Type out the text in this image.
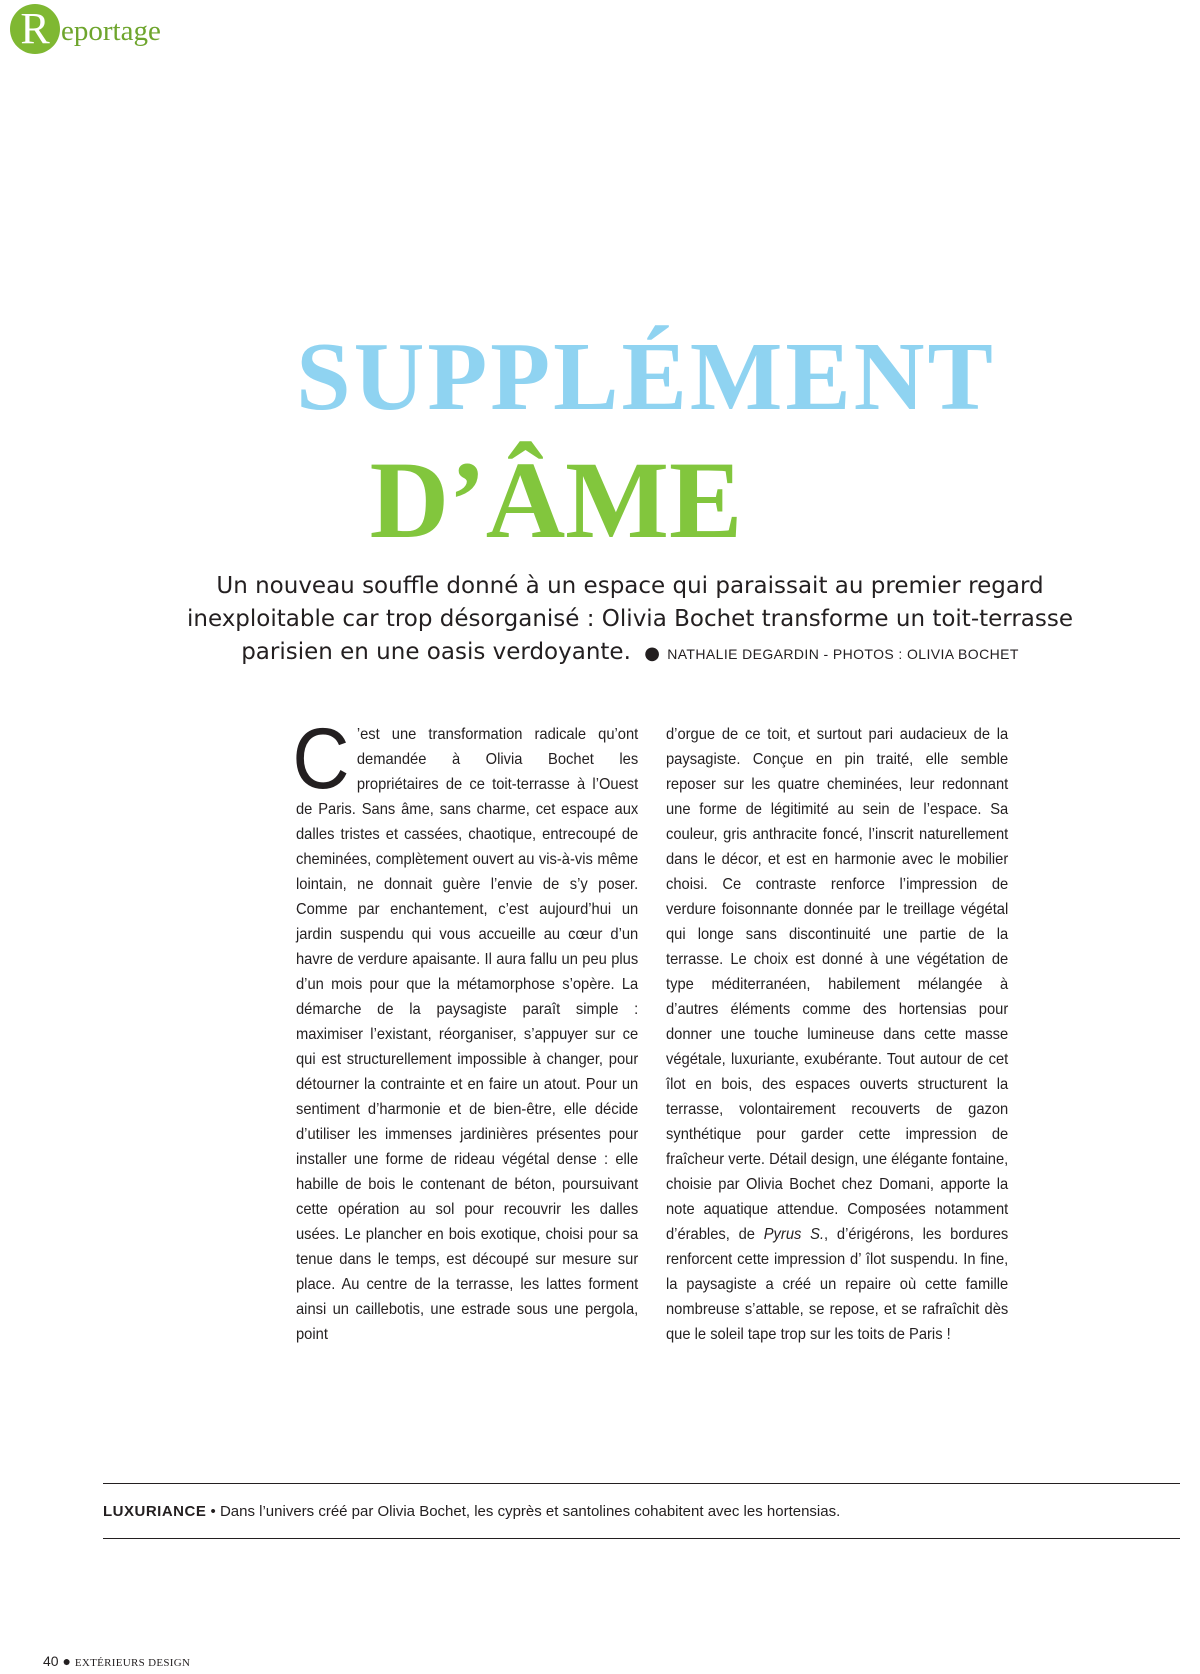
R eportage
SUPPLÉMENT
D’ÂME
Un nouveau souffle donné à un espace qui paraissait au premier regard inexploitable car trop désorganisé : Olivia Bochet transforme un toit-terrasse parisien en une oasis verdoyante. ● NATHALIE DEGARDIN - PHOTOS : OLIVIA BOCHET

C ’est une transformation radicale qu’ont demandée à Olivia Bochet les propriétaires de ce toit-terrasse à l’Ouest de Paris. Sans âme, sans charme, cet espace aux dalles tristes et cassées, chaotique, entrecoupé de cheminées, complètement ouvert au vis-à-vis même lointain, ne donnait guère l’envie de s’y poser. Comme par enchantement, c’est aujourd’hui un jardin suspendu qui vous accueille au cœur d’un havre de verdure apaisante. Il aura fallu un peu plus d’un mois pour que la métamorphose s’opère. La démarche de la paysagiste paraît simple : maximiser l’existant, réorganiser, s’appuyer sur ce qui est structurellement impossible à changer, pour détourner la contrainte et en faire un atout. Pour un sentiment d’harmonie et de bien-être, elle décide d’utiliser les immenses jardinières présentes pour installer une forme de rideau végétal dense : elle habille de bois le contenant de béton, poursuivant cette opération au sol pour recouvrir les dalles usées. Le plancher en bois exotique, choisi pour sa tenue dans le temps, est découpé sur mesure sur place. Au centre de la terrasse, les lattes forment ainsi un caillebotis, une estrade sous une pergola, point

d’orgue de ce toit, et surtout pari audacieux de la paysagiste. Conçue en pin traité, elle semble reposer sur les quatre cheminées, leur redonnant une forme de légitimité au sein de l’espace. Sa couleur, gris anthracite foncé, l’inscrit naturellement dans le décor, et est en harmonie avec le mobilier choisi. Ce contraste renforce l’impression de verdure foisonnante donnée par le treillage végétal qui longe sans discontinuité une partie de la terrasse. Le choix est donné à une végétation de type méditerranéen, habilement mélangée à d’autres éléments comme des hortensias pour donner une touche lumineuse dans cette masse végétale, luxuriante, exubérante. Tout autour de cet îlot en bois, des espaces ouverts structurent la terrasse, volontairement recouverts de gazon synthétique pour garder cette impression de fraîcheur verte. Détail design, une élégante fontaine, choisie par Olivia Bochet chez Domani, apporte la note aquatique attendue. Composées notamment d’érables, de Pyrus S., d’érigérons, les bordures renforcent cette impression d’ îlot suspendu. In fine, la paysagiste a créé un repaire où cette famille nombreuse s’attable, se repose, et se rafraîchit dès que le soleil tape trop sur les toits de Paris !

LUXURIANCE • Dans l’univers créé par Olivia Bochet, les cyprès et santolines cohabitent avec les hortensias.
40 ● EXTÉRIEURS DESIGN
